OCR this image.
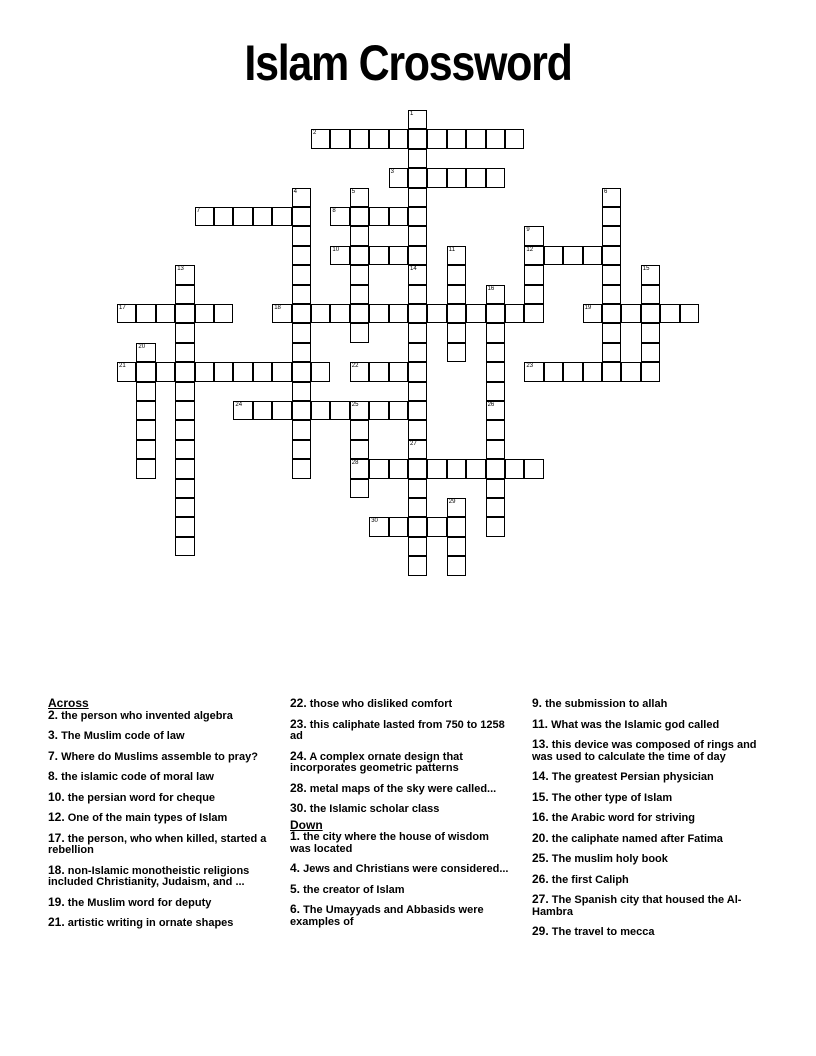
Islam Crossword
1
2
3
4	5	6
7	8
9
12
10	11
13	14
27
15
16
17	18	19
20
21	22	23
24	25
28
26
29
30
Across
2. the person who invented algebra
3. The Muslim code of law
7. Where do Muslims assemble to pray?
8. the islamic code of moral law
10. the persian word for cheque
12. One of the main types of Islam
17. the person, who when killed, started a rebellion
18. non-Islamic monotheistic religions included Christianity, Judaism, and ...
19. the Muslim word for deputy
21. artistic writing in ornate shapes
22. those who disliked comfort
23. this caliphate lasted from 750 to 1258 ad
24. A complex ornate design that incorporates geometric patterns
28. metal maps of the sky were called...
30. the Islamic scholar class
Down
1. the city where the house of wisdom was located
4. Jews and Christians were considered...
5. the creator of Islam
6. The Umayyads and Abbasids were examples of
9. the submission to allah
11. What was the Islamic god called
13. this device was composed of rings and was used to calculate the time of day
14. The greatest Persian physician
15. The other type of Islam
16. the Arabic word for striving
20. the caliphate named after Fatima
25. The muslim holy book
26. the first Caliph
27. The Spanish city that housed the Al-Hambra
29. The travel to mecca
